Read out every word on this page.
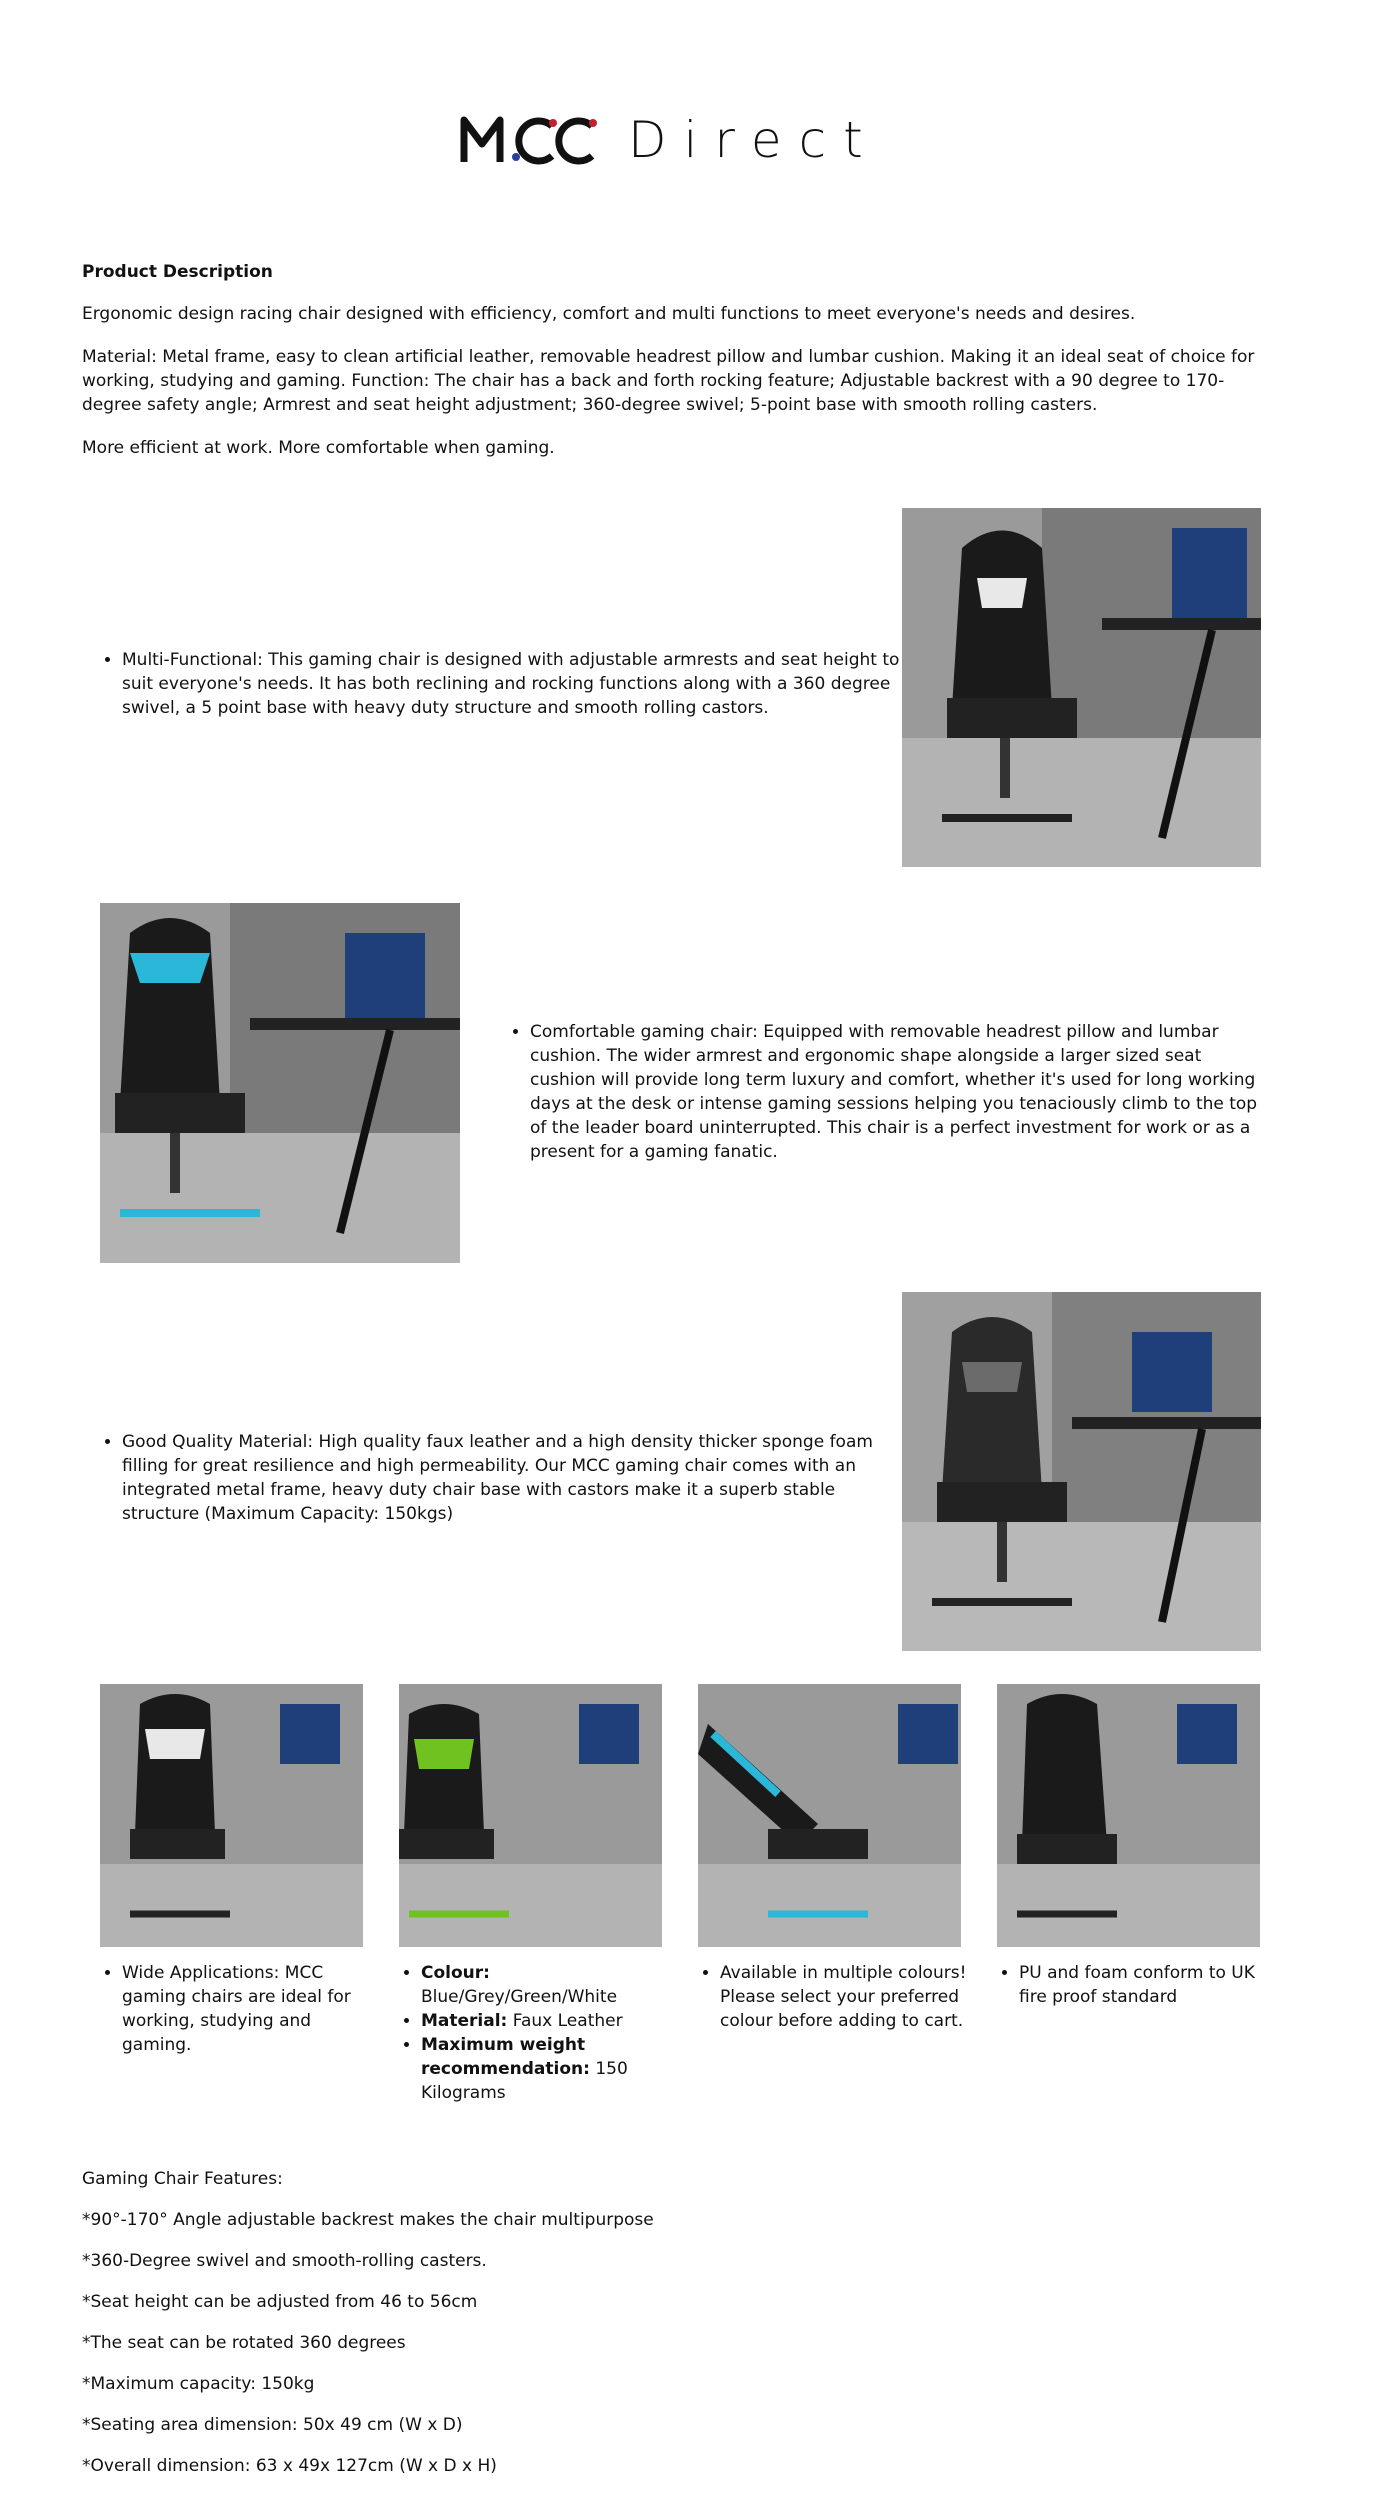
Direct
Product Description

Ergonomic design racing chair designed with efficiency, comfort and multi functions to meet everyone's needs and desires.

Material: Metal frame, easy to clean artificial leather, removable headrest pillow and lumbar cushion. Making it an ideal seat of choice for working, studying and gaming. Function: The chair has a back and forth rocking feature; Adjustable backrest with a 90 degree to 170-degree safety angle; Armrest and seat height adjustment; 360-degree swivel; 5-point base with smooth rolling casters.

More efficient at work. More comfortable when gaming.

• Multi-Functional: This gaming chair is designed with adjustable armrests and seat height to suit everyone's needs. It has both reclining and rocking functions along with a 360 degree swivel, a 5 point base with heavy duty structure and smooth rolling castors.
• Comfortable gaming chair: Equipped with removable headrest pillow and lumbar cushion. The wider armrest and ergonomic shape alongside a larger sized seat cushion will provide long term luxury and comfort, whether it's used for long working days at the desk or intense gaming sessions helping you tenaciously climb to the top of the leader board uninterrupted. This chair is a perfect investment for work or as a present for a gaming fanatic.
• Good Quality Material: High quality faux leather and a high density thicker sponge foam filling for great resilience and high permeability. Our MCC gaming chair comes with an integrated metal frame, heavy duty chair base with castors make it a superb stable structure (Maximum Capacity: 150kgs)
• Wide Applications: MCC gaming chairs are ideal for working, studying and gaming.
• Colour: Blue/Grey/Green/White
• Material: Faux Leather
• Maximum weight recommendation: 150 Kilograms
• Available in multiple colours! Please select your preferred colour before adding to cart.
• PU and foam conform to UK fire proof standard

Gaming Chair Features:

*90°-170° Angle adjustable backrest makes the chair multipurpose

*360-Degree swivel and smooth-rolling casters.

*Seat height can be adjusted from 46 to 56cm

*The seat can be rotated 360 degrees

*Maximum capacity: 150kg

*Seating area dimension: 50x 49 cm (W x D)

*Overall dimension: 63 x 49x 127cm (W x D x H)
